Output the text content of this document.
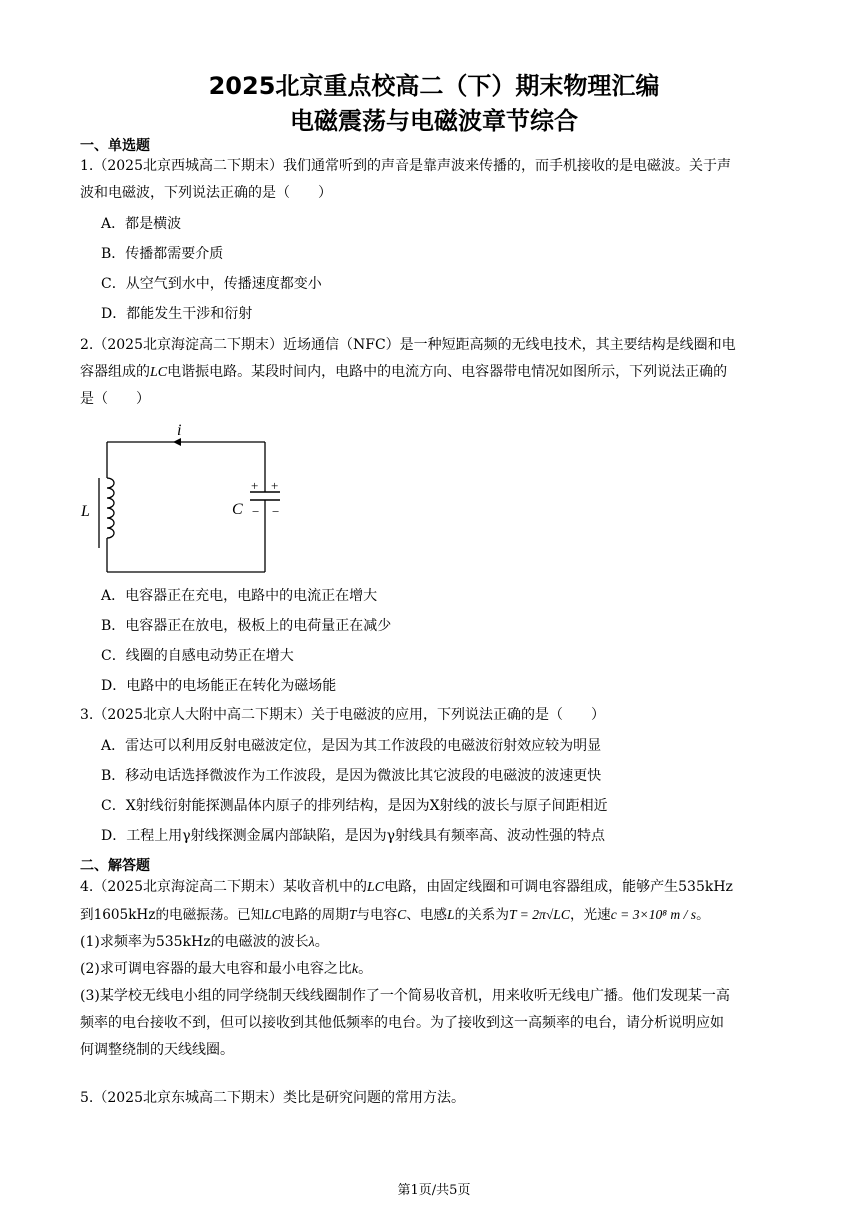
2025北京重点校高二（下）期末物理汇编
电磁震荡与电磁波章节综合
一、单选题
1.（2025北京西城高二下期末）我们通常听到的声音是靠声波来传播的，而手机接收的是电磁波。关于声
波和电磁波，下列说法正确的是（　　）
A．都是横波
B．传播都需要介质
C．从空气到水中，传播速度都变小
D．都能发生干涉和衍射
2.（2025北京海淀高二下期末）近场通信（NFC）是一种短距高频的无线电技术，其主要结构是线圈和电
容器组成的LC电谐振电路。某段时间内，电路中的电流方向、电容器带电情况如图所示，下列说法正确的
是（　　）
i
L	C
+ +
− −
A．电容器正在充电，电路中的电流正在增大
B．电容器正在放电，极板上的电荷量正在减少
C．线圈的自感电动势正在增大
D．电路中的电场能正在转化为磁场能
3.（2025北京人大附中高二下期末）关于电磁波的应用，下列说法正确的是（　　）
A．雷达可以利用反射电磁波定位，是因为其工作波段的电磁波衍射效应较为明显
B．移动电话选择微波作为工作波段，是因为微波比其它波段的电磁波的波速更快
C．X射线衍射能探测晶体内原子的排列结构，是因为X射线的波长与原子间距相近
D．工程上用γ射线探测金属内部缺陷，是因为γ射线具有频率高、波动性强的特点
二、解答题
4.（2025北京海淀高二下期末）某收音机中的LC电路，由固定线圈和可调电容器组成，能够产生535kHz
到1605kHz的电磁振荡。已知LC电路的周期T与电容C、电感L的关系为T = 2π√LC，光速c = 3×10⁸ m / s。
(1)求频率为535kHz的电磁波的波长λ。
(2)求可调电容器的最大电容和最小电容之比k。
(3)某学校无线电小组的同学绕制天线线圈制作了一个简易收音机，用来收听无线电广播。他们发现某一高
频率的电台接收不到，但可以接收到其他低频率的电台。为了接收到这一高频率的电台，请分析说明应如
何调整绕制的天线线圈。
5.（2025北京东城高二下期末）类比是研究问题的常用方法。
第1页/共5页
